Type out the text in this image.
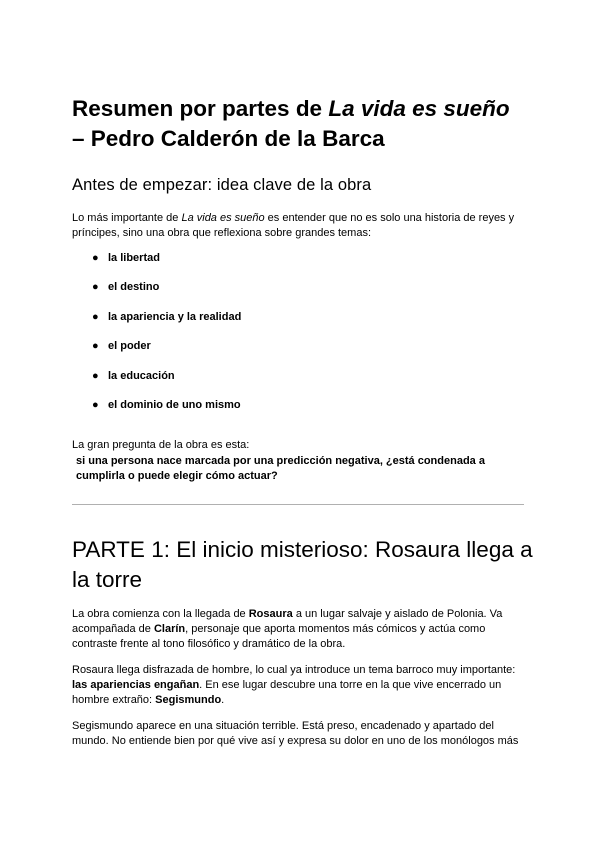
Resumen por partes de La vida es sueño
– Pedro Calderón de la Barca
Antes de empezar: idea clave de la obra

Lo más importante de La vida es sueño es entender que no es solo una historia de reyes y príncipes, sino una obra que reflexiona sobre grandes temas:

● la libertad
● el destino
● la apariencia y la realidad
● el poder
● la educación
● el dominio de uno mismo

La gran pregunta de la obra es esta:

si una persona nace marcada por una predicción negativa, ¿está condenada a cumplirla o puede elegir cómo actuar?

PARTE 1: El inicio misterioso: Rosaura llega a la torre

La obra comienza con la llegada de Rosaura a un lugar salvaje y aislado de Polonia. Va acompañada de Clarín, personaje que aporta momentos más cómicos y actúa como contraste frente al tono filosófico y dramático de la obra.

Rosaura llega disfrazada de hombre, lo cual ya introduce un tema barroco muy importante: las apariencias engañan. En ese lugar descubre una torre en la que vive encerrado un hombre extraño: Segismundo.

Segismundo aparece en una situación terrible. Está preso, encadenado y apartado del mundo. No entiende bien por qué vive así y expresa su dolor en uno de los monólogos más
